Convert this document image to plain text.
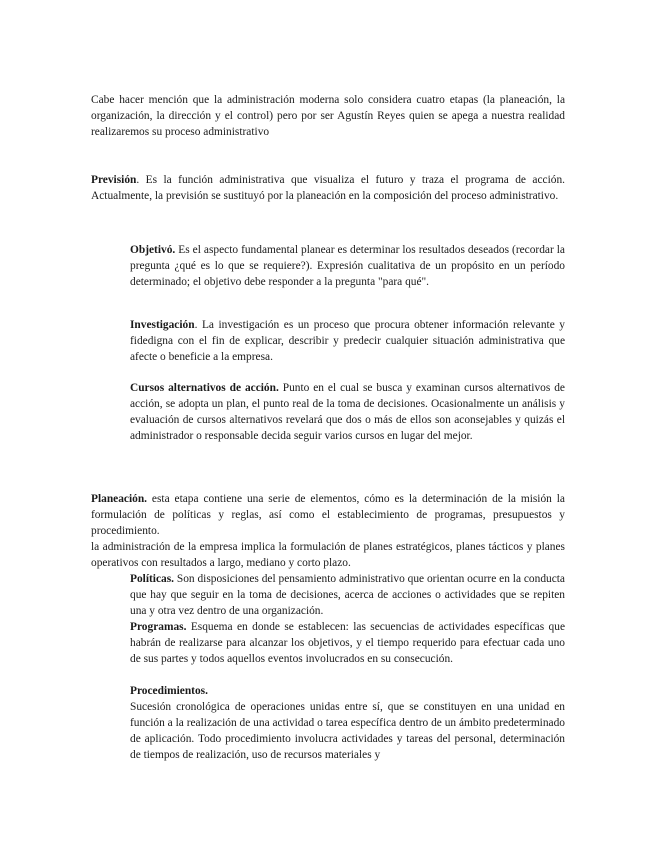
Cabe hacer mención que la administración moderna solo considera cuatro etapas (la planeación, la organización, la dirección y el control) pero por ser Agustín Reyes quien se apega a nuestra realidad realizaremos su proceso administrativo

Previsión. Es la función administrativa que visualiza el futuro y traza el programa de acción. Actualmente, la previsión se sustituyó por la planeación en la composición del proceso administrativo.

Objetivó. Es el aspecto fundamental planear es determinar los resultados deseados (recordar la pregunta ¿qué es lo que se requiere?). Expresión cualitativa de un propósito en un período determinado; el objetivo debe responder a la pregunta "para qué".

Investigación. La investigación es un proceso que procura obtener información relevante y fidedigna con el fin de explicar, describir y predecir cualquier situación administrativa que afecte o beneficie a la empresa.

Cursos alternativos de acción. Punto en el cual se busca y examinan cursos alternativos de acción, se adopta un plan, el punto real de la toma de decisiones. Ocasionalmente un análisis y evaluación de cursos alternativos revelará que dos o más de ellos son aconsejables y quizás el administrador o responsable decida seguir varios cursos en lugar del mejor.

Planeación. esta etapa contiene una serie de elementos, cómo es la determinación de la misión la formulación de políticas y reglas, así como el establecimiento de programas, presupuestos y procedimiento.
la administración de la empresa implica la formulación de planes estratégicos, planes tácticos y planes operativos con resultados a largo, mediano y corto plazo.

Políticas. Son disposiciones del pensamiento administrativo que orientan ocurre en la conducta que hay que seguir en la toma de decisiones, acerca de acciones o actividades que se repiten una y otra vez dentro de una organización.

Programas. Esquema en donde se establecen: las secuencias de actividades específicas que habrán de realizarse para alcanzar los objetivos, y el tiempo requerido para efectuar cada uno de sus partes y todos aquellos eventos involucrados en su consecución.

Procedimientos.

Sucesión cronológica de operaciones unidas entre sí, que se constituyen en una unidad en función a la realización de una actividad o tarea específica dentro de un ámbito predeterminado de aplicación. Todo procedimiento involucra actividades y tareas del personal, determinación de tiempos de realización, uso de recursos materiales y
